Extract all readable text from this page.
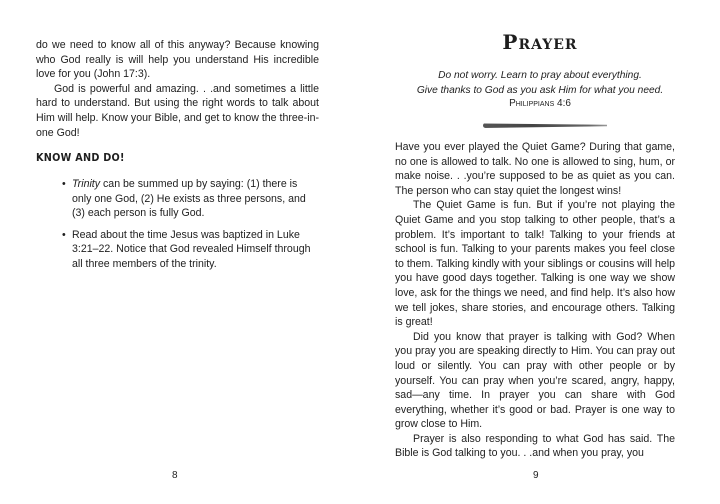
do we need to know all of this anyway? Because knowing who God really is will help you understand His incredible love for you (John 17:3).

God is powerful and amazing. . .and sometimes a little hard to understand. But using the right words to talk about Him will help. Know your Bible, and get to know the three-in-one God!

KNOW AND DO!
• Trinity can be summed up by saying: (1) there is only one God, (2) He exists as three persons, and (3) each person is fully God.
• Read about the time Jesus was baptized in Luke 3:21–22. Notice that God revealed Himself through all three members of the trinity.
8
Prayer
Do not worry. Learn to pray about everything.
Give thanks to God as you ask Him for what you need.
Philippians 4:6

Have you ever played the Quiet Game? During that game, no one is allowed to talk. No one is allowed to sing, hum, or make noise. . .you’re supposed to be as quiet as you can. The person who can stay quiet the longest wins!

The Quiet Game is fun. But if you’re not playing the Quiet Game and you stop talking to other people, that’s a problem. It’s important to talk! Talking to your friends at school is fun. Talking to your parents makes you feel close to them. Talking kindly with your siblings or cousins will help you have good days together. Talking is one way we show love, ask for the things we need, and find help. It’s also how we tell jokes, share stories, and encourage others. Talking is great!

Did you know that prayer is talking with God? When you pray you are speaking directly to Him. You can pray out loud or silently. You can pray with other people or by yourself. You can pray when you’re scared, angry, happy, sad—any time. In prayer you can share with God everything, whether it’s good or bad. Prayer is one way to grow close to Him.

Prayer is also responding to what God has said. The Bible is God talking to you. . .and when you pray, you

9
